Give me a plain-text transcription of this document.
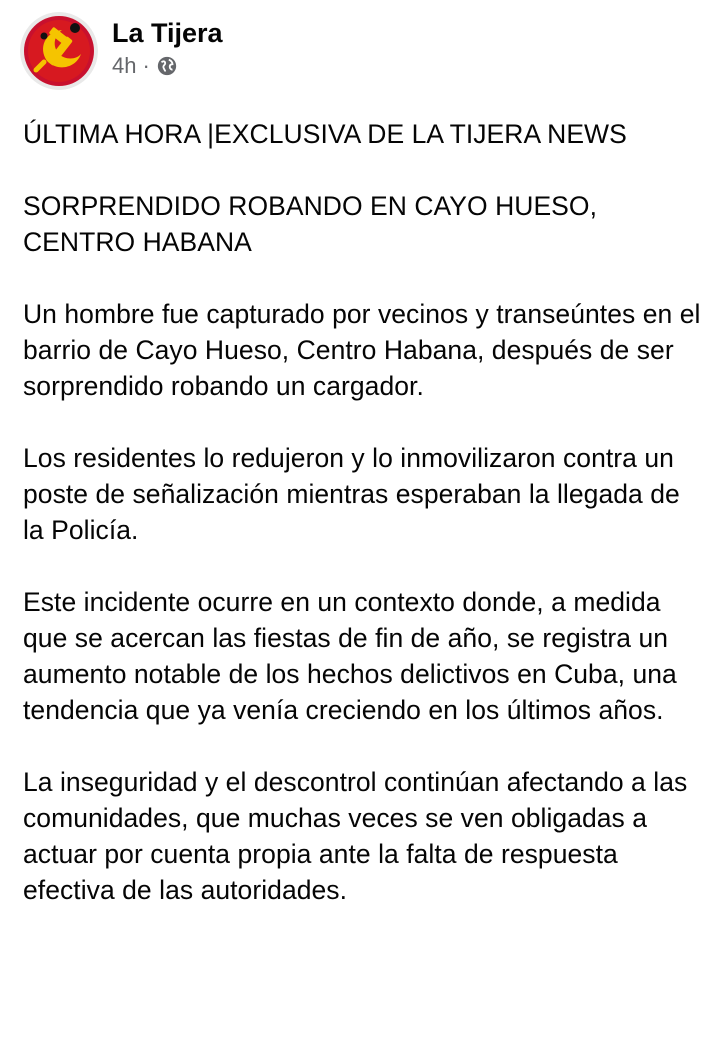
La Tijera
4h ·

ÚLTIMA HORA |EXCLUSIVA DE LA TIJERA NEWS

SORPRENDIDO ROBANDO EN CAYO HUESO, CENTRO HABANA

Un hombre fue capturado por vecinos y transeúntes en el barrio de Cayo Hueso, Centro Habana, después de ser sorprendido robando un cargador.

Los residentes lo redujeron y lo inmovilizaron contra un poste de señalización mientras esperaban la llegada de la Policía.

Este incidente ocurre en un contexto donde, a medida que se acercan las fiestas de fin de año, se registra un aumento notable de los hechos delictivos en Cuba, una tendencia que ya venía creciendo en los últimos años.

La inseguridad y el descontrol continúan afectando a las comunidades, que muchas veces se ven obligadas a actuar por cuenta propia ante la falta de respuesta efectiva de las autoridades.
